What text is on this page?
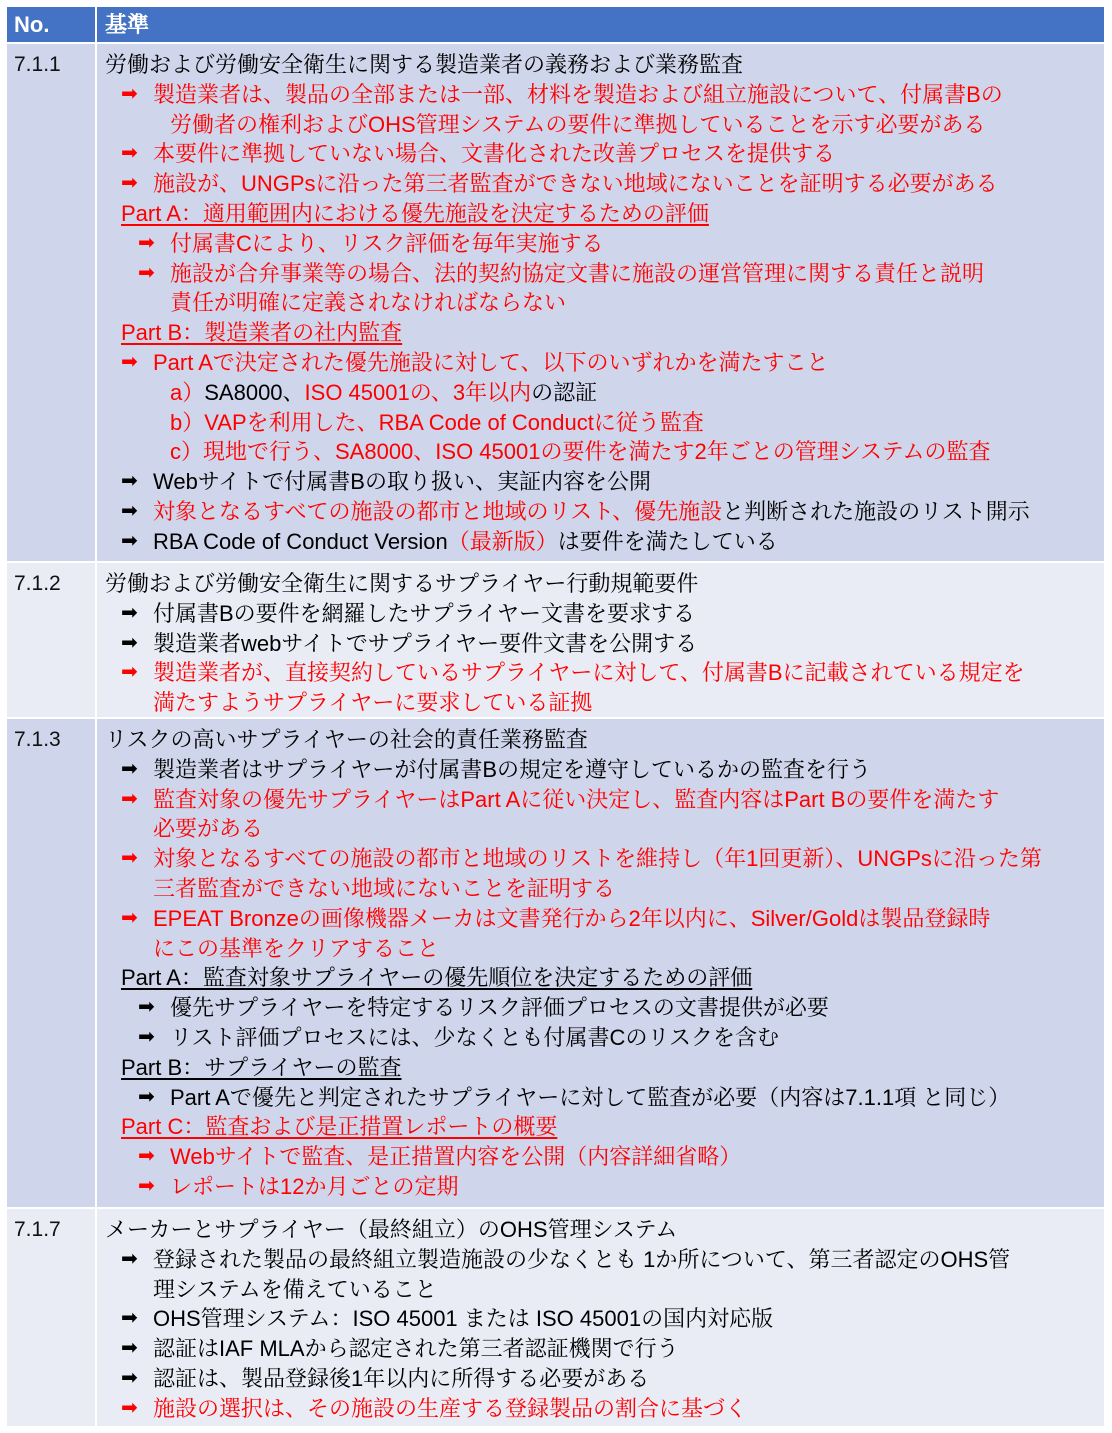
No.	基準
7.1.1	労働および労働安全衛生に関する製造業者の義務および業務監査
➡ 製造業者は、製品の全部または一部、材料を製造および組立施設について、付属書Bの
労働者の権利およびOHS管理システムの要件に準拠していることを示す必要がある
➡ 本要件に準拠していない場合、文書化された改善プロセスを提供する
➡ 施設が、UNGPsに沿った第三者監査ができない地域にないことを証明する必要がある
Part A：適用範囲内における優先施設を決定するための評価
➡ 付属書Cにより、リスク評価を毎年実施する
➡ 施設が合弁事業等の場合、法的契約協定文書に施設の運営管理に関する責任と説明
責任が明確に定義されなければならない
Part B：製造業者の社内監査
➡ Part Aで決定された優先施設に対して、以下のいずれかを満たすこと
a）SA8000、ISO 45001の、3年以内の認証
b）VAPを利用した、RBA Code of Conductに従う監査
c）現地で行う、SA8000、ISO 45001の要件を満たす2年ごとの管理システムの監査
➡ Webサイトで付属書Bの取り扱い、実証内容を公開
➡ 対象となるすべての施設の都市と地域のリスト、優先施設と判断された施設のリスト開示
➡ RBA Code of Conduct Version（最新版）は要件を満たしている
7.1.2	労働および労働安全衛生に関するサプライヤー行動規範要件
➡ 付属書Bの要件を網羅したサプライヤー文書を要求する
➡ 製造業者webサイトでサプライヤー要件文書を公開する
➡ 製造業者が、直接契約しているサプライヤーに対して、付属書Bに記載されている規定を
満たすようサプライヤーに要求している証拠
7.1.3	リスクの高いサプライヤーの社会的責任業務監査
➡ 製造業者はサプライヤーが付属書Bの規定を遵守しているかの監査を行う
➡ 監査対象の優先サプライヤーはPart Aに従い決定し、監査内容はPart Bの要件を満たす
必要がある
➡ 対象となるすべての施設の都市と地域のリストを維持し（年1回更新）、UNGPsに沿った第
三者監査ができない地域にないことを証明する
➡ EPEAT Bronzeの画像機器メーカは文書発行から2年以内に、Silver/Goldは製品登録時
にこの基準をクリアすること
Part A：監査対象サプライヤーの優先順位を決定するための評価
➡ 優先サプライヤーを特定するリスク評価プロセスの文書提供が必要
➡ リスト評価プロセスには、少なくとも付属書Cのリスクを含む
Part B：サプライヤーの監査
➡ Part Aで優先と判定されたサプライヤーに対して監査が必要（内容は7.1.1項 と同じ）
Part C：監査および是正措置レポートの概要
➡ Webサイトで監査、是正措置内容を公開（内容詳細省略）
➡ レポートは12か月ごとの定期
7.1.7	メーカーとサプライヤー（最終組立）のOHS管理システム
➡ 登録された製品の最終組立製造施設の少なくとも 1か所について、第三者認定のOHS管
理システムを備えていること
➡ OHS管理システム：ISO 45001 または ISO 45001の国内対応版
➡ 認証はIAF MLAから認定された第三者認証機関で行う
➡ 認証は、製品登録後1年以内に所得する必要がある
➡ 施設の選択は、その施設の生産する登録製品の割合に基づく
